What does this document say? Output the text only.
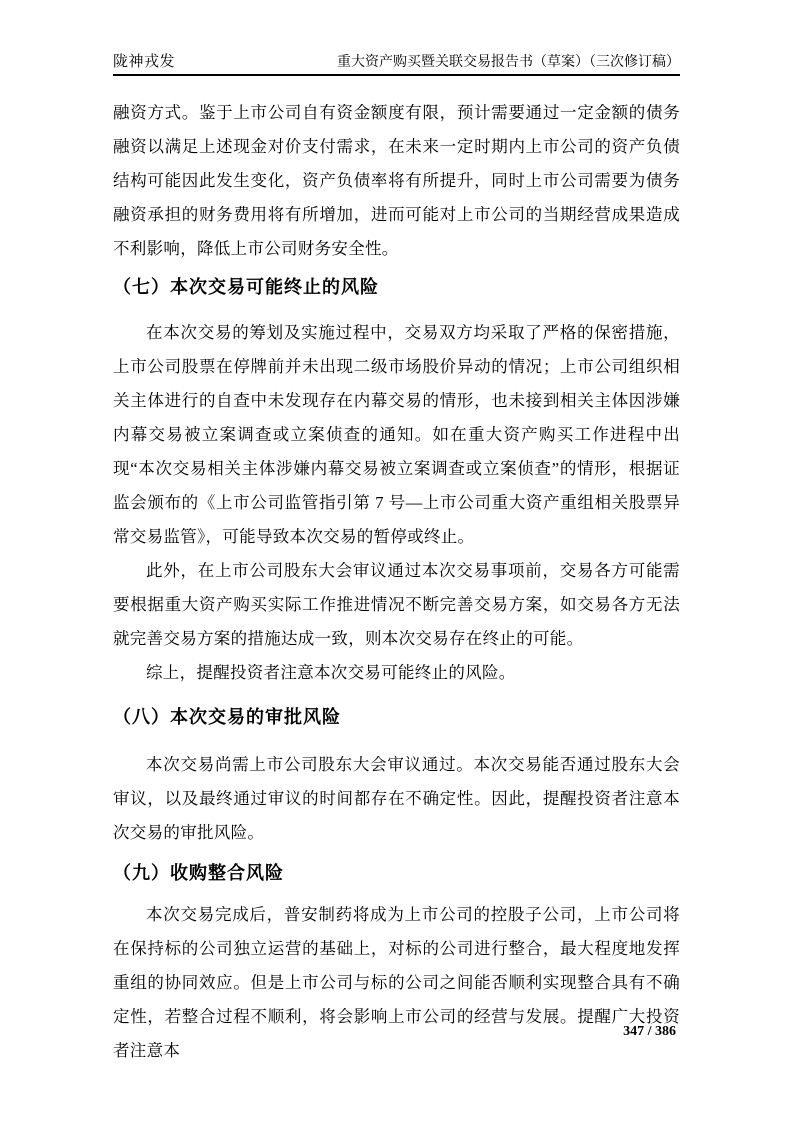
陇神戎发	重大资产购买暨关联交易报告书（草案）（三次修订稿）

融资方式。鉴于上市公司自有资金额度有限，预计需要通过一定金额的债务融资以满足上述现金对价支付需求，在未来一定时期内上市公司的资产负债结构可能因此发生变化，资产负债率将有所提升，同时上市公司需要为债务融资承担的财务费用将有所增加，进而可能对上市公司的当期经营成果造成不利影响，降低上市公司财务安全性。

（七）本次交易可能终止的风险

在本次交易的筹划及实施过程中，交易双方均采取了严格的保密措施，上市公司股票在停牌前并未出现二级市场股价异动的情况；上市公司组织相关主体进行的自查中未发现存在内幕交易的情形，也未接到相关主体因涉嫌内幕交易被立案调查或立案侦查的通知。如在重大资产购买工作进程中出现“本次交易相关主体涉嫌内幕交易被立案调查或立案侦查”的情形，根据证监会颁布的《上市公司监管指引第 7 号—上市公司重大资产重组相关股票异常交易监管》，可能导致本次交易的暂停或终止。

此外，在上市公司股东大会审议通过本次交易事项前，交易各方可能需要根据重大资产购买实际工作推进情况不断完善交易方案，如交易各方无法就完善交易方案的措施达成一致，则本次交易存在终止的可能。

综上，提醒投资者注意本次交易可能终止的风险。

（八）本次交易的审批风险

本次交易尚需上市公司股东大会审议通过。本次交易能否通过股东大会审议，以及最终通过审议的时间都存在不确定性。因此，提醒投资者注意本次交易的审批风险。

（九）收购整合风险

本次交易完成后，普安制药将成为上市公司的控股子公司，上市公司将在保持标的公司独立运营的基础上，对标的公司进行整合，最大程度地发挥重组的协同效应。但是上市公司与标的公司之间能否顺利实现整合具有不确定性，若整合过程不顺利，将会影响上市公司的经营与发展。提醒广大投资者注意本

347 / 386
